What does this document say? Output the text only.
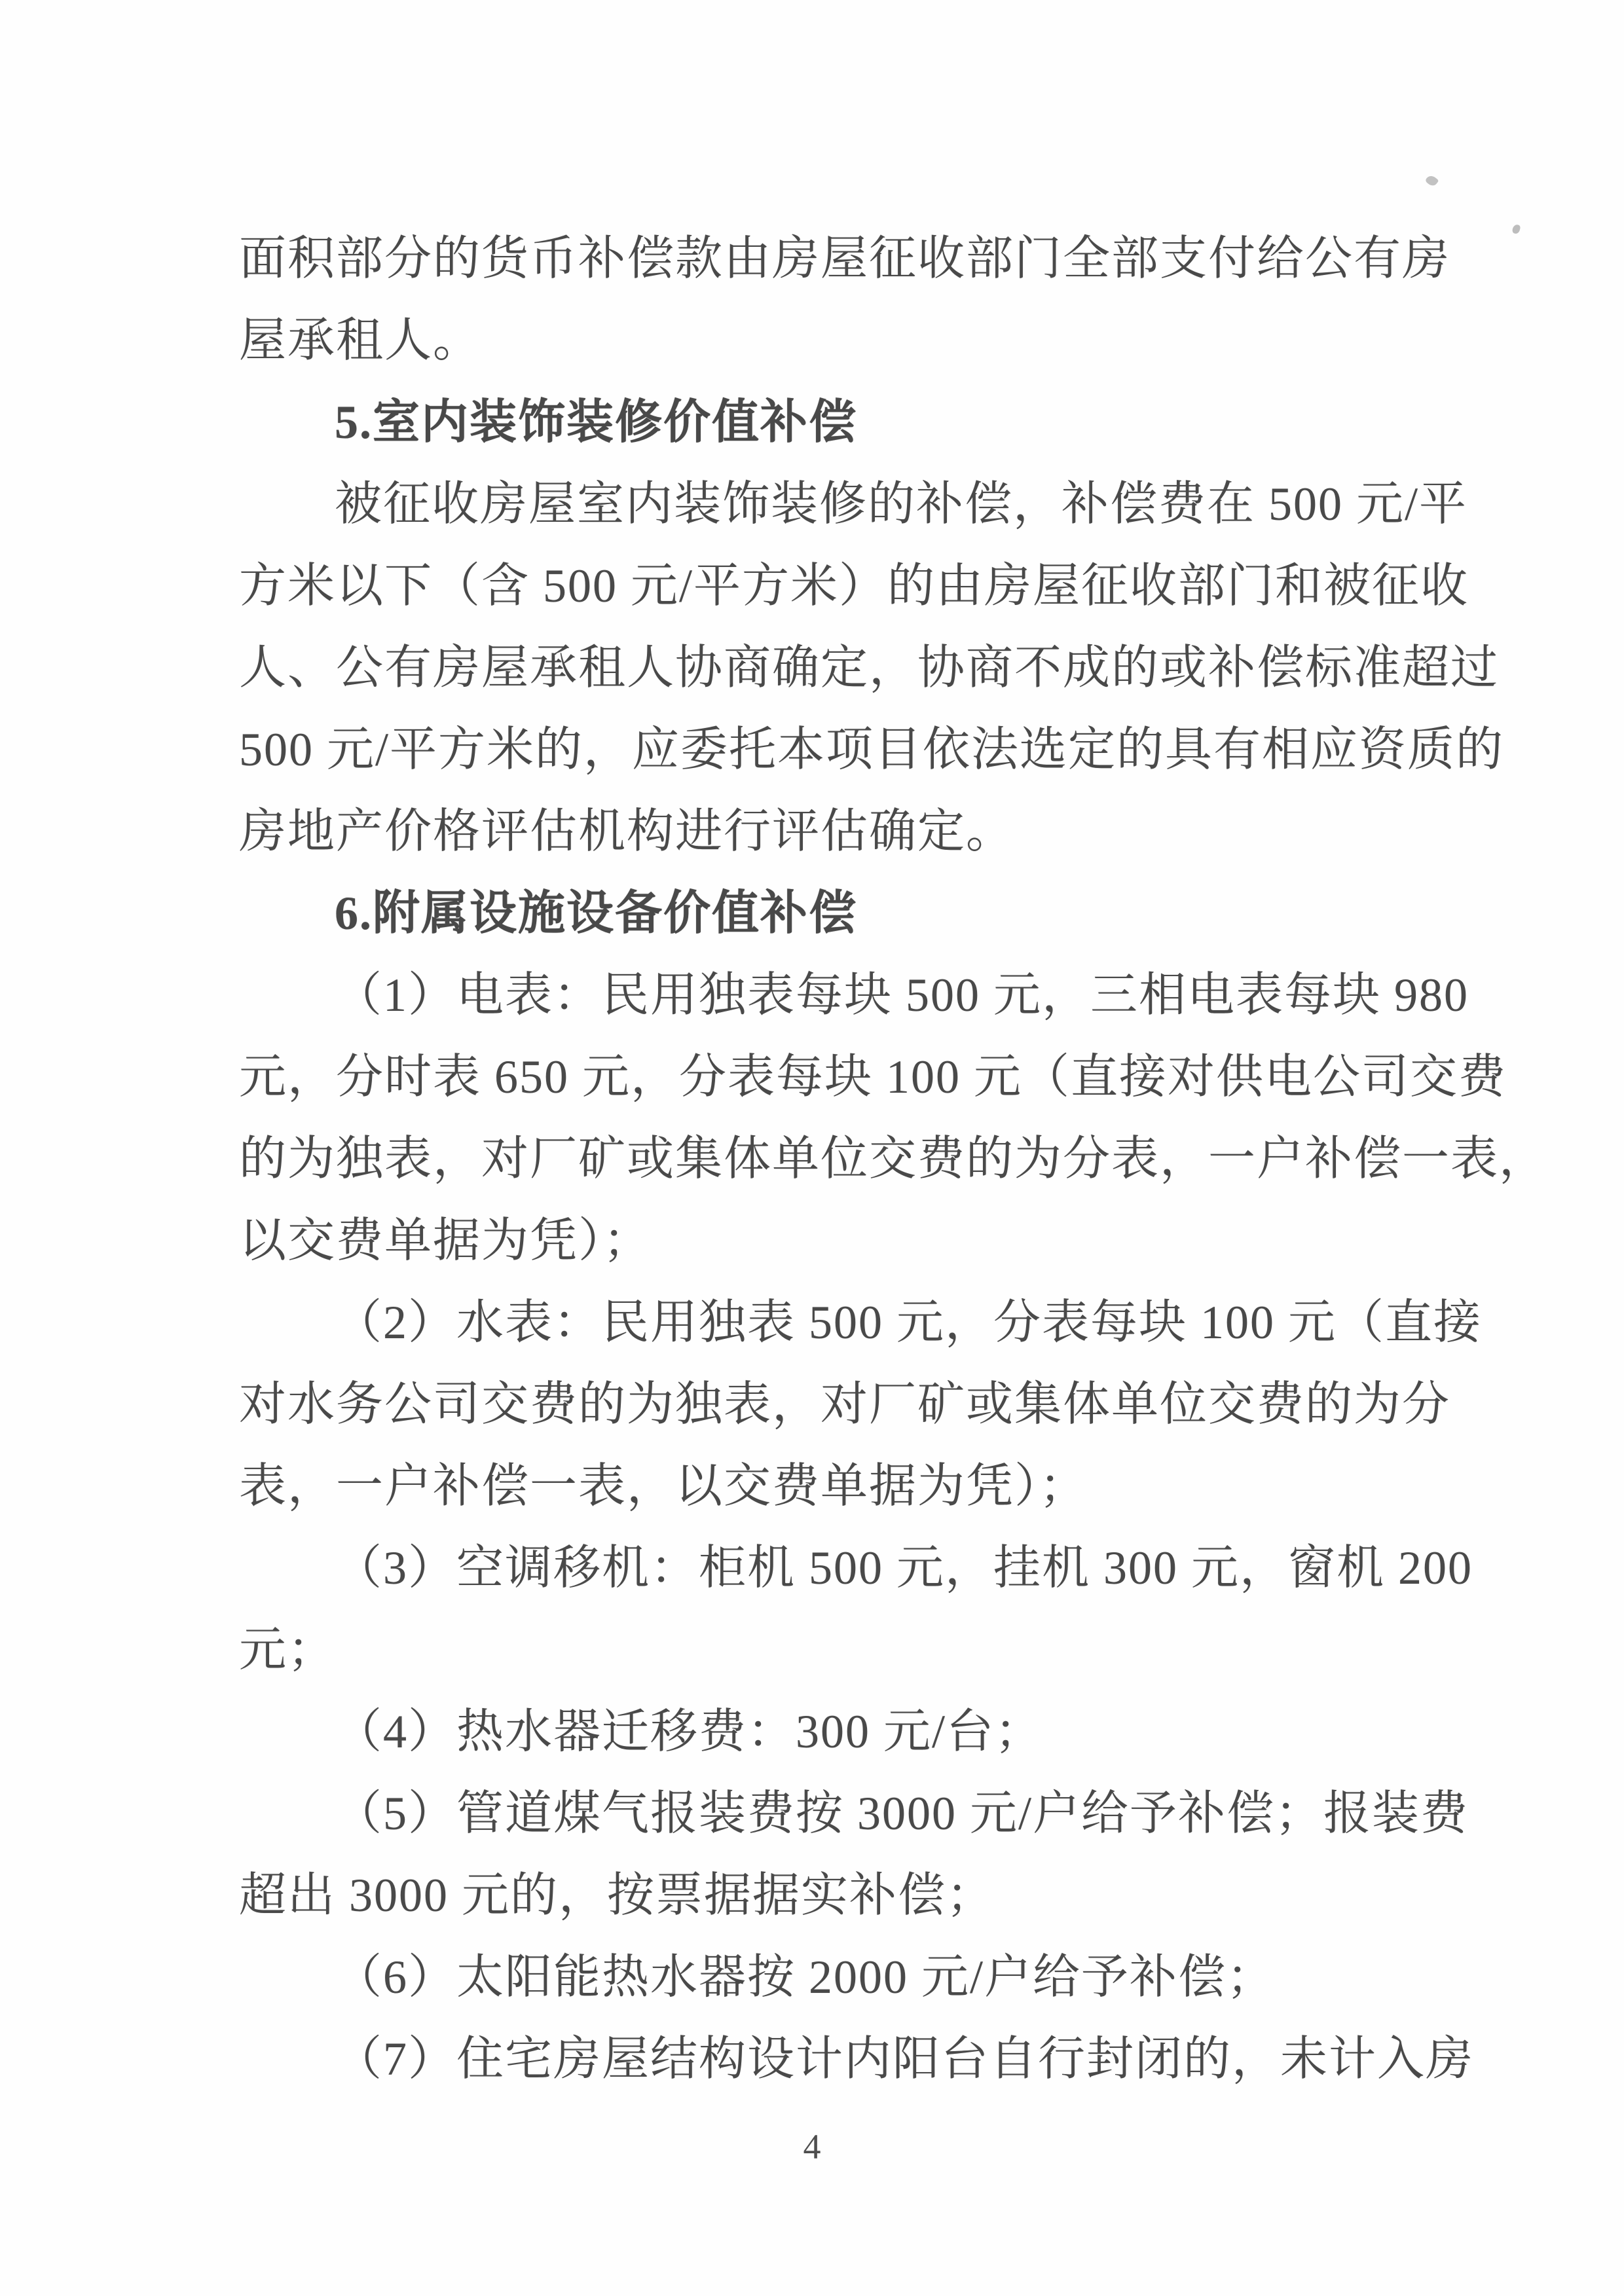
面积部分的货币补偿款由房屋征收部门全部支付给公有房
屋承租人。
5.室内装饰装修价值补偿
被征收房屋室内装饰装修的补偿，补偿费在 500 元/平
方米以下（含 500 元/平方米）的由房屋征收部门和被征收
人、公有房屋承租人协商确定，协商不成的或补偿标准超过
500 元/平方米的，应委托本项目依法选定的具有相应资质的
房地产价格评估机构进行评估确定。
6.附属设施设备价值补偿
（1）电表：民用独表每块 500 元，三相电表每块 980
元，分时表 650 元，分表每块 100 元（直接对供电公司交费
的为独表，对厂矿或集体单位交费的为分表，一户补偿一表，
以交费单据为凭）；
（2）水表：民用独表 500 元，分表每块 100 元（直接
对水务公司交费的为独表，对厂矿或集体单位交费的为分
表，一户补偿一表，以交费单据为凭）；
（3）空调移机：柜机 500 元，挂机 300 元，窗机 200
元；
（4）热水器迁移费：300 元/台；
（5）管道煤气报装费按 3000 元/户给予补偿；报装费
超出 3000 元的，按票据据实补偿；
（6）太阳能热水器按 2000 元/户给予补偿；
（7）住宅房屋结构设计内阳台自行封闭的，未计入房
4
